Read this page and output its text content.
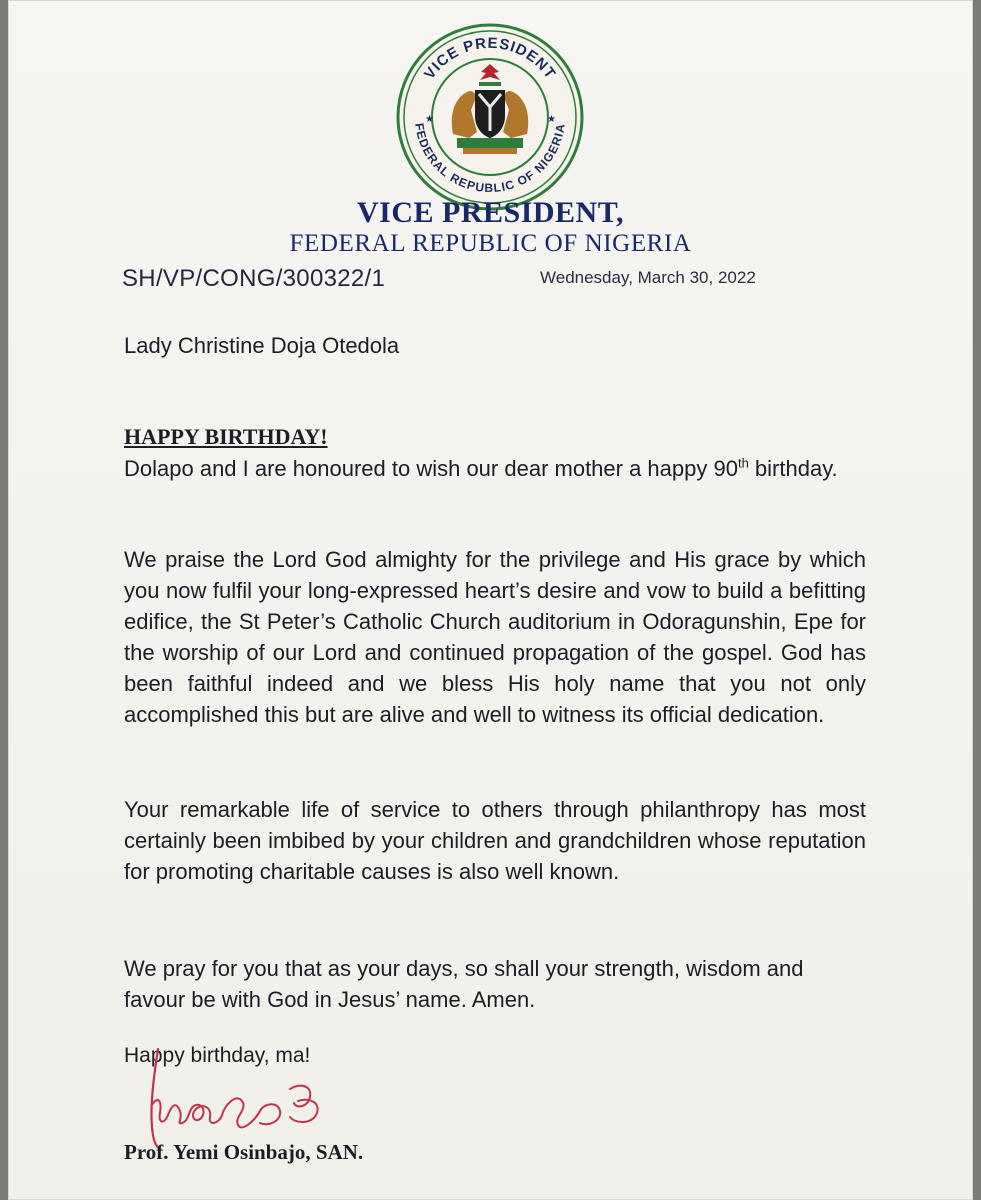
VICE PRESIDENT
FEDERAL REPUBLIC OF NIGERIA
★	★
VICE PRESIDENT,
FEDERAL REPUBLIC OF NIGERIA
SH/VP/CONG/300322/1	Wednesday, March 30, 2022
Lady Christine Doja Otedola
HAPPY BIRTHDAY!
Dolapo and I are honoured to wish our dear mother a happy 90th birthday.
We praise the Lord God almighty for the privilege and His grace by which you now fulfil your long-expressed heart’s desire and vow to build a befitting edifice, the St Peter’s Catholic Church auditorium in Odoragunshin, Epe for the worship of our Lord and continued propagation of the gospel. God has been faithful indeed and we bless His holy name that you not only accomplished this but are alive and well to witness its official dedication.
Your remarkable life of service to others through philanthropy has most certainly been imbibed by your children and grandchildren whose reputation for promoting charitable causes is also well known.
We pray for you that as your days, so shall your strength, wisdom and favour be with God in Jesus’ name. Amen.
Happy birthday, ma!
Prof. Yemi Osinbajo, SAN.
